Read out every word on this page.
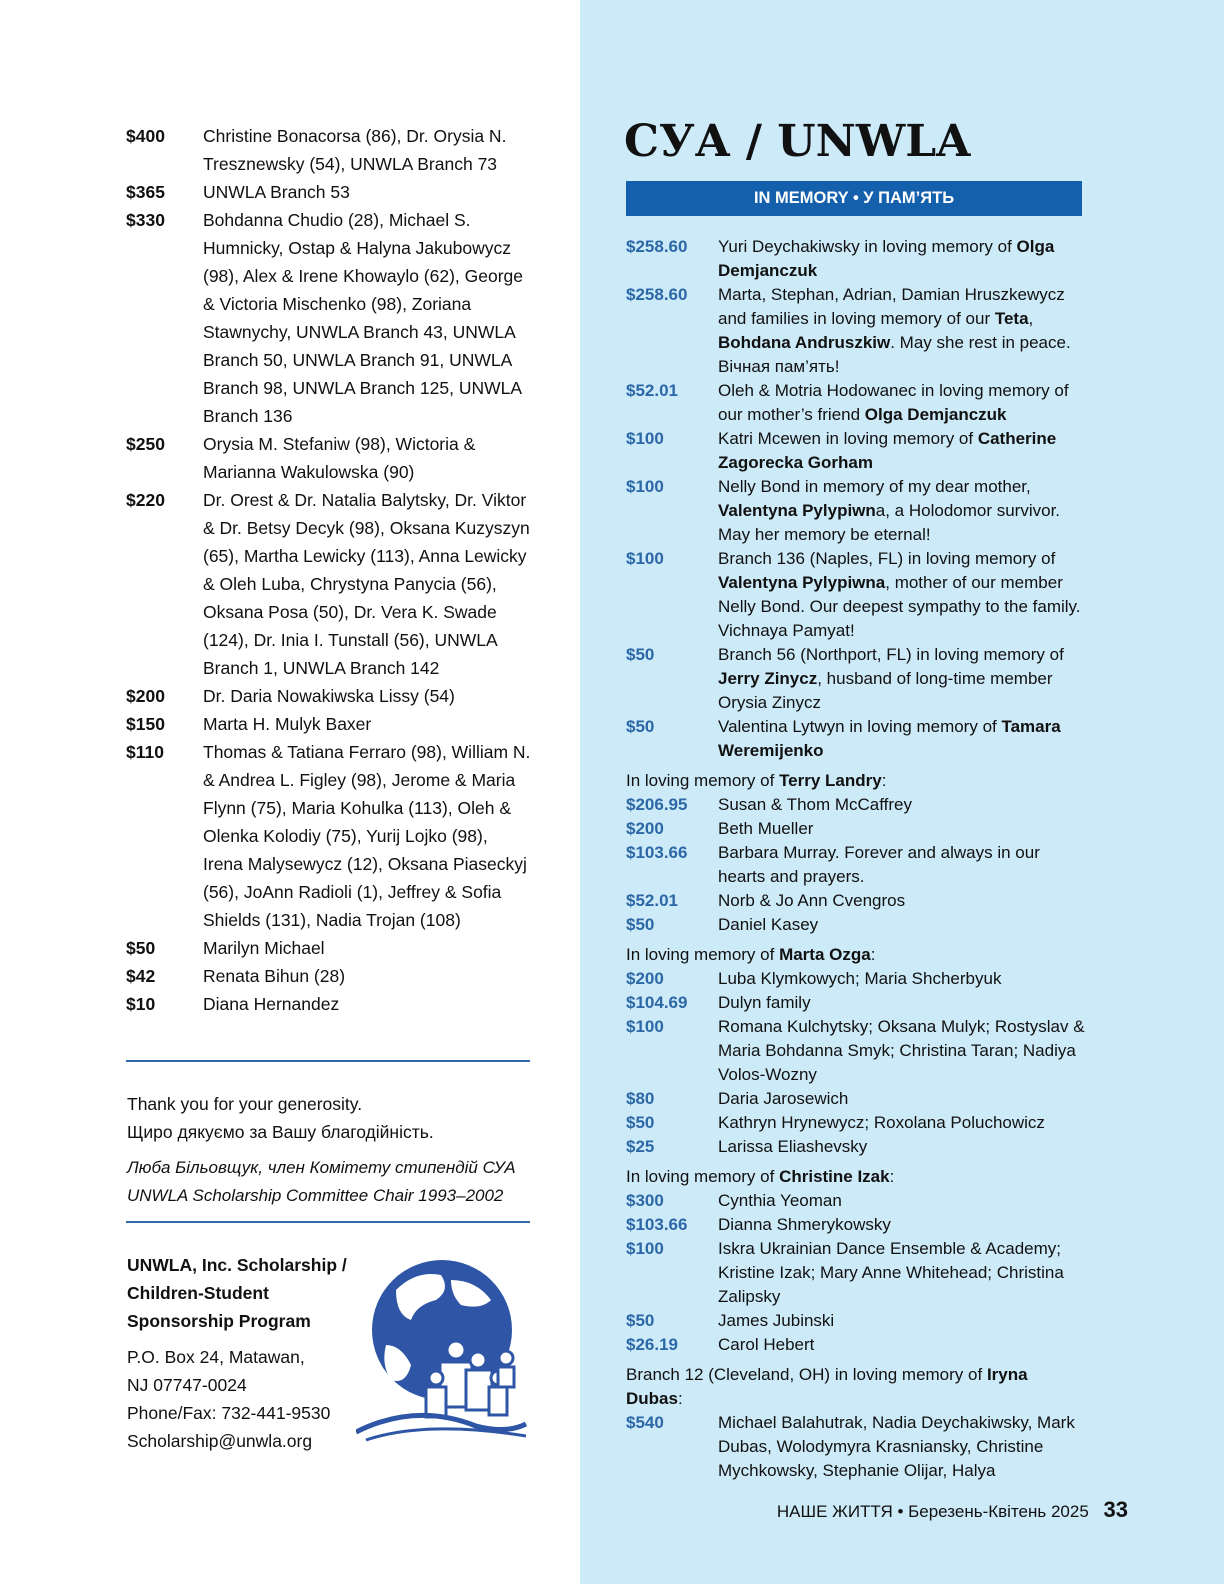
$400	Christine Bonacorsa (86), Dr. Orysia N. Tresznewsky (54), UNWLA Branch 73
$365	UNWLA Branch 53
$330	Bohdanna Chudio (28), Michael S. Humnicky, Ostap & Halyna Jakubowycz (98), Alex & Irene Khowaylo (62), George & Victoria Mischenko (98), Zoriana Stawnychy, UNWLA Branch 43, UNWLA Branch 50, UNWLA Branch 91, UNWLA Branch 98, UNWLA Branch 125, UNWLA Branch 136
$250	Orysia M. Stefaniw (98), Wictoria & Marianna Wakulowska (90)
$220	Dr. Orest & Dr. Natalia Balytsky, Dr. Viktor & Dr. Betsy Decyk (98), Oksana Kuzyszyn (65), Martha Lewicky (113), Anna Lewicky & Oleh Luba, Chrystyna Panycia (56), Oksana Posa (50), Dr. Vera K. Swade (124), Dr. Inia I. Tunstall (56), UNWLA Branch 1, UNWLA Branch 142
$200	Dr. Daria Nowakiwska Lissy (54)
$150	Marta H. Mulyk Baxer
$110	Thomas & Tatiana Ferraro (98), William N. & Andrea L. Figley (98), Jerome & Maria Flynn (75), Maria Kohulka (113), Oleh & Olenka Kolodiy (75), Yurij Lojko (98), Irena Malysewycz (12), Oksana Piaseckyj (56), JoAnn Radioli (1), Jeffrey & Sofia Shields (131), Nadia Trojan (108)
$50	Marilyn Michael
$42	Renata Bihun (28)
$10	Diana Hernandez
Thank you for your generosity.
Щиро дякуємо за Вашу благодійність.
Люба Більовщук, член Комітету стипендій СУА
UNWLA Scholarship Committee Chair 1993–2002
UNWLA, Inc. Scholarship /
Children-Student
Sponsorship Program
P.O. Box 24, Matawan,
NJ 07747-0024
Phone/Fax: 732-441-9530
Scholarship@unwla.org
СУА / UNWLA
IN MEMORY • У ПАМ’ЯТЬ
$258.60	Yuri Deychakiwsky in loving memory of Olga Demjanczuk
$258.60	Marta, Stephan, Adrian, Damian Hruszkewycz and families in loving memory of our Teta, Bohdana Andruszkiw. May she rest in peace. Вічная пам’ять!
$52.01	Oleh & Motria Hodowanec in loving memory of our mother’s friend Olga Demjanczuk
$100	Katri Mcewen in loving memory of Catherine Zagorecka Gorham
$100	Nelly Bond in memory of my dear mother, Valentyna Pylypiwna, a Holodomor survivor. May her memory be eternal!
$100	Branch 136 (Naples, FL) in loving memory of Valentyna Pylypiwna, mother of our member Nelly Bond. Our deepest sympathy to the family. Vichnaya Pamyat!
$50	Branch 56 (Northport, FL) in loving memory of Jerry Zinycz, husband of long-time member Orysia Zinycz
$50	Valentina Lytwyn in loving memory of Tamara Weremijenko
In loving memory of Terry Landry:
$206.95	Susan & Thom McCaffrey
$200	Beth Mueller
$103.66	Barbara Murray. Forever and always in our hearts and prayers.
$52.01	Norb & Jo Ann Cvengros
$50	Daniel Kasey
In loving memory of Marta Ozga:
$200	Luba Klymkowych; Maria Shcherbyuk
$104.69	Dulyn family
$100	Romana Kulchytsky; Oksana Mulyk; Rostyslav & Maria Bohdanna Smyk; Christina Taran; Nadiya Volos-Wozny
$80	Daria Jarosewich
$50	Kathryn Hrynewycz; Roxolana Poluchowicz
$25	Larissa Eliashevsky
In loving memory of Christine Izak:
$300	Cynthia Yeoman
$103.66	Dianna Shmerykowsky
$100	Iskra Ukrainian Dance Ensemble & Academy; Kristine Izak; Mary Anne Whitehead; Christina Zalipsky
$50	James Jubinski
$26.19	Carol Hebert
Branch 12 (Cleveland, OH) in loving memory of Iryna Dubas:
$540	Michael Balahutrak, Nadia Deychakiwsky, Mark Dubas, Wolodymyra Krasniansky, Christine Mychkowsky, Stephanie Olijar, Halya
НАШЕ ЖИТТЯ • Березень-Квітень 2025 33
